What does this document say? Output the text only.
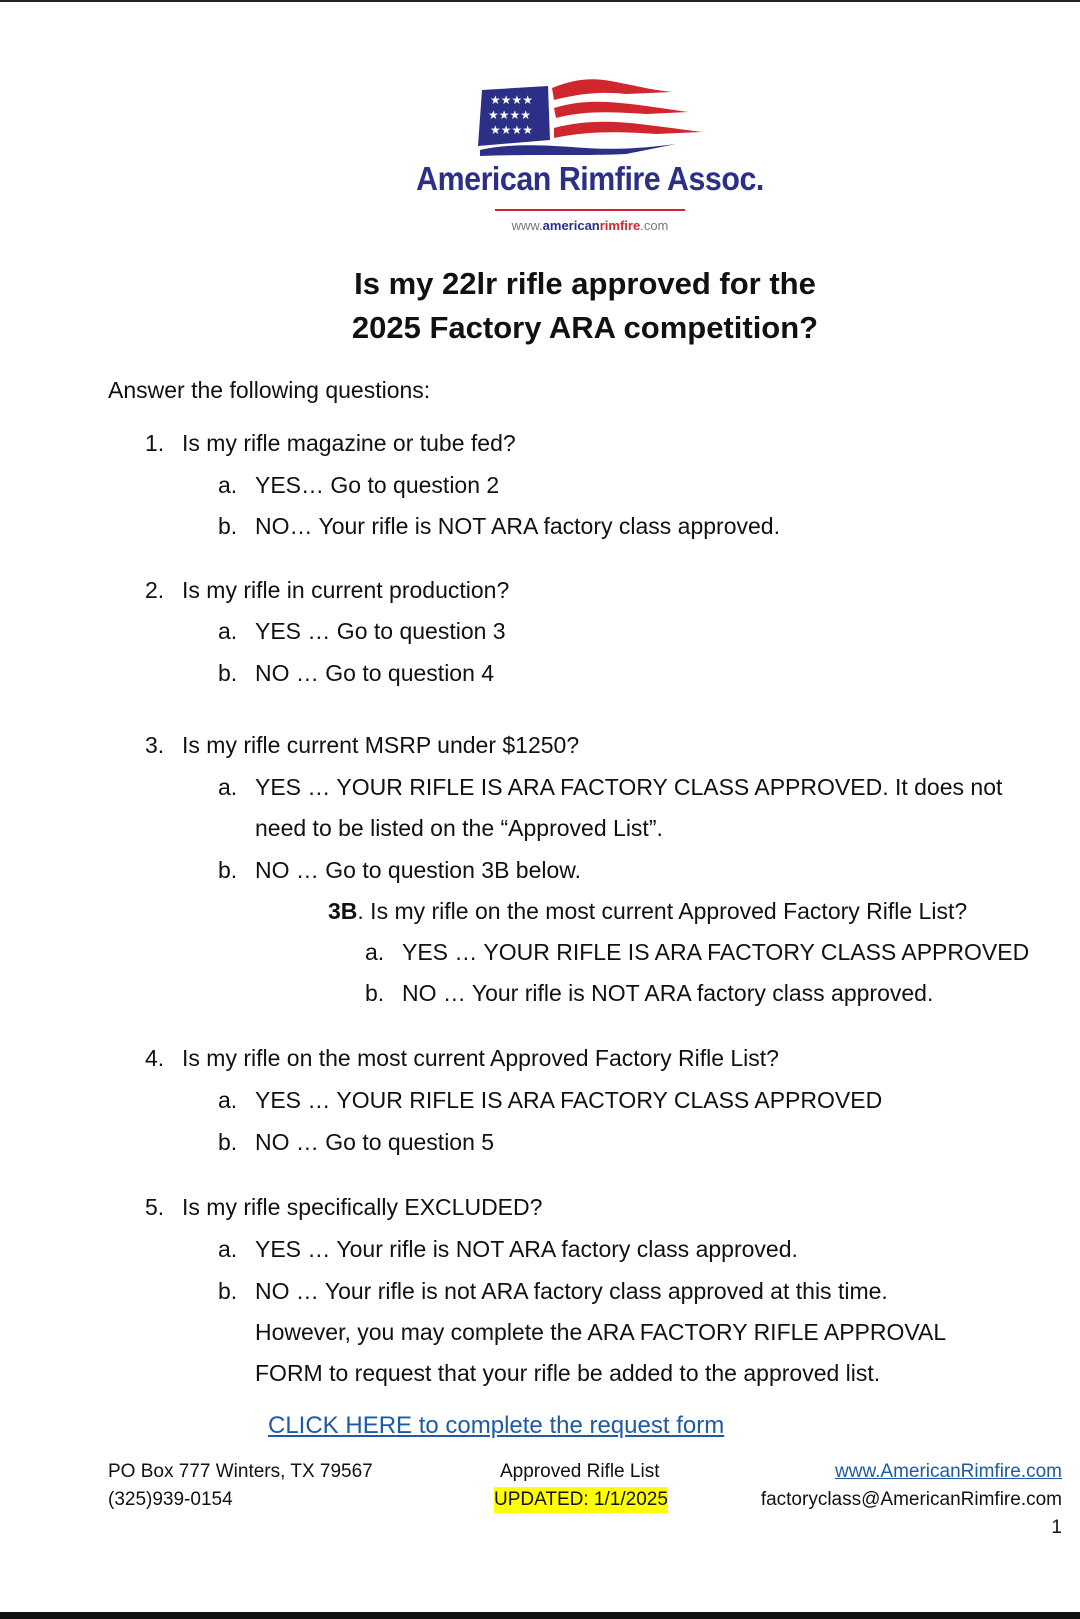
★★★★
★★★★
★★★★
American Rimfire Assoc.
www.americanrimfire.com
Is my 22lr rifle approved for the
2025 Factory ARA competition?
Answer the following questions:
1. Is my rifle magazine or tube fed?
a. YES… Go to question 2
b. NO… Your rifle is NOT ARA factory class approved.
2. Is my rifle in current production?
a. YES … Go to question 3
b. NO … Go to question 4
3. Is my rifle current MSRP under $1250?
a. YES … YOUR RIFLE IS ARA FACTORY CLASS APPROVED. It does not
need to be listed on the “Approved List”.
b. NO … Go to question 3B below.
3B. Is my rifle on the most current Approved Factory Rifle List?
a. YES … YOUR RIFLE IS ARA FACTORY CLASS APPROVED
b. NO … Your rifle is NOT ARA factory class approved.
4. Is my rifle on the most current Approved Factory Rifle List?
a. YES … YOUR RIFLE IS ARA FACTORY CLASS APPROVED
b. NO … Go to question 5
5. Is my rifle specifically EXCLUDED?
a. YES … Your rifle is NOT ARA factory class approved.
b. NO … Your rifle is not ARA factory class approved at this time.
However, you may complete the ARA FACTORY RIFLE APPROVAL
FORM to request that your rifle be added to the approved list.
CLICK HERE to complete the request form
PO Box 777 Winters, TX 79567
(325)939-0154
Approved Rifle List
UPDATED: 1/1/2025
www.AmericanRimfire.com
factoryclass@AmericanRimfire.com
1
